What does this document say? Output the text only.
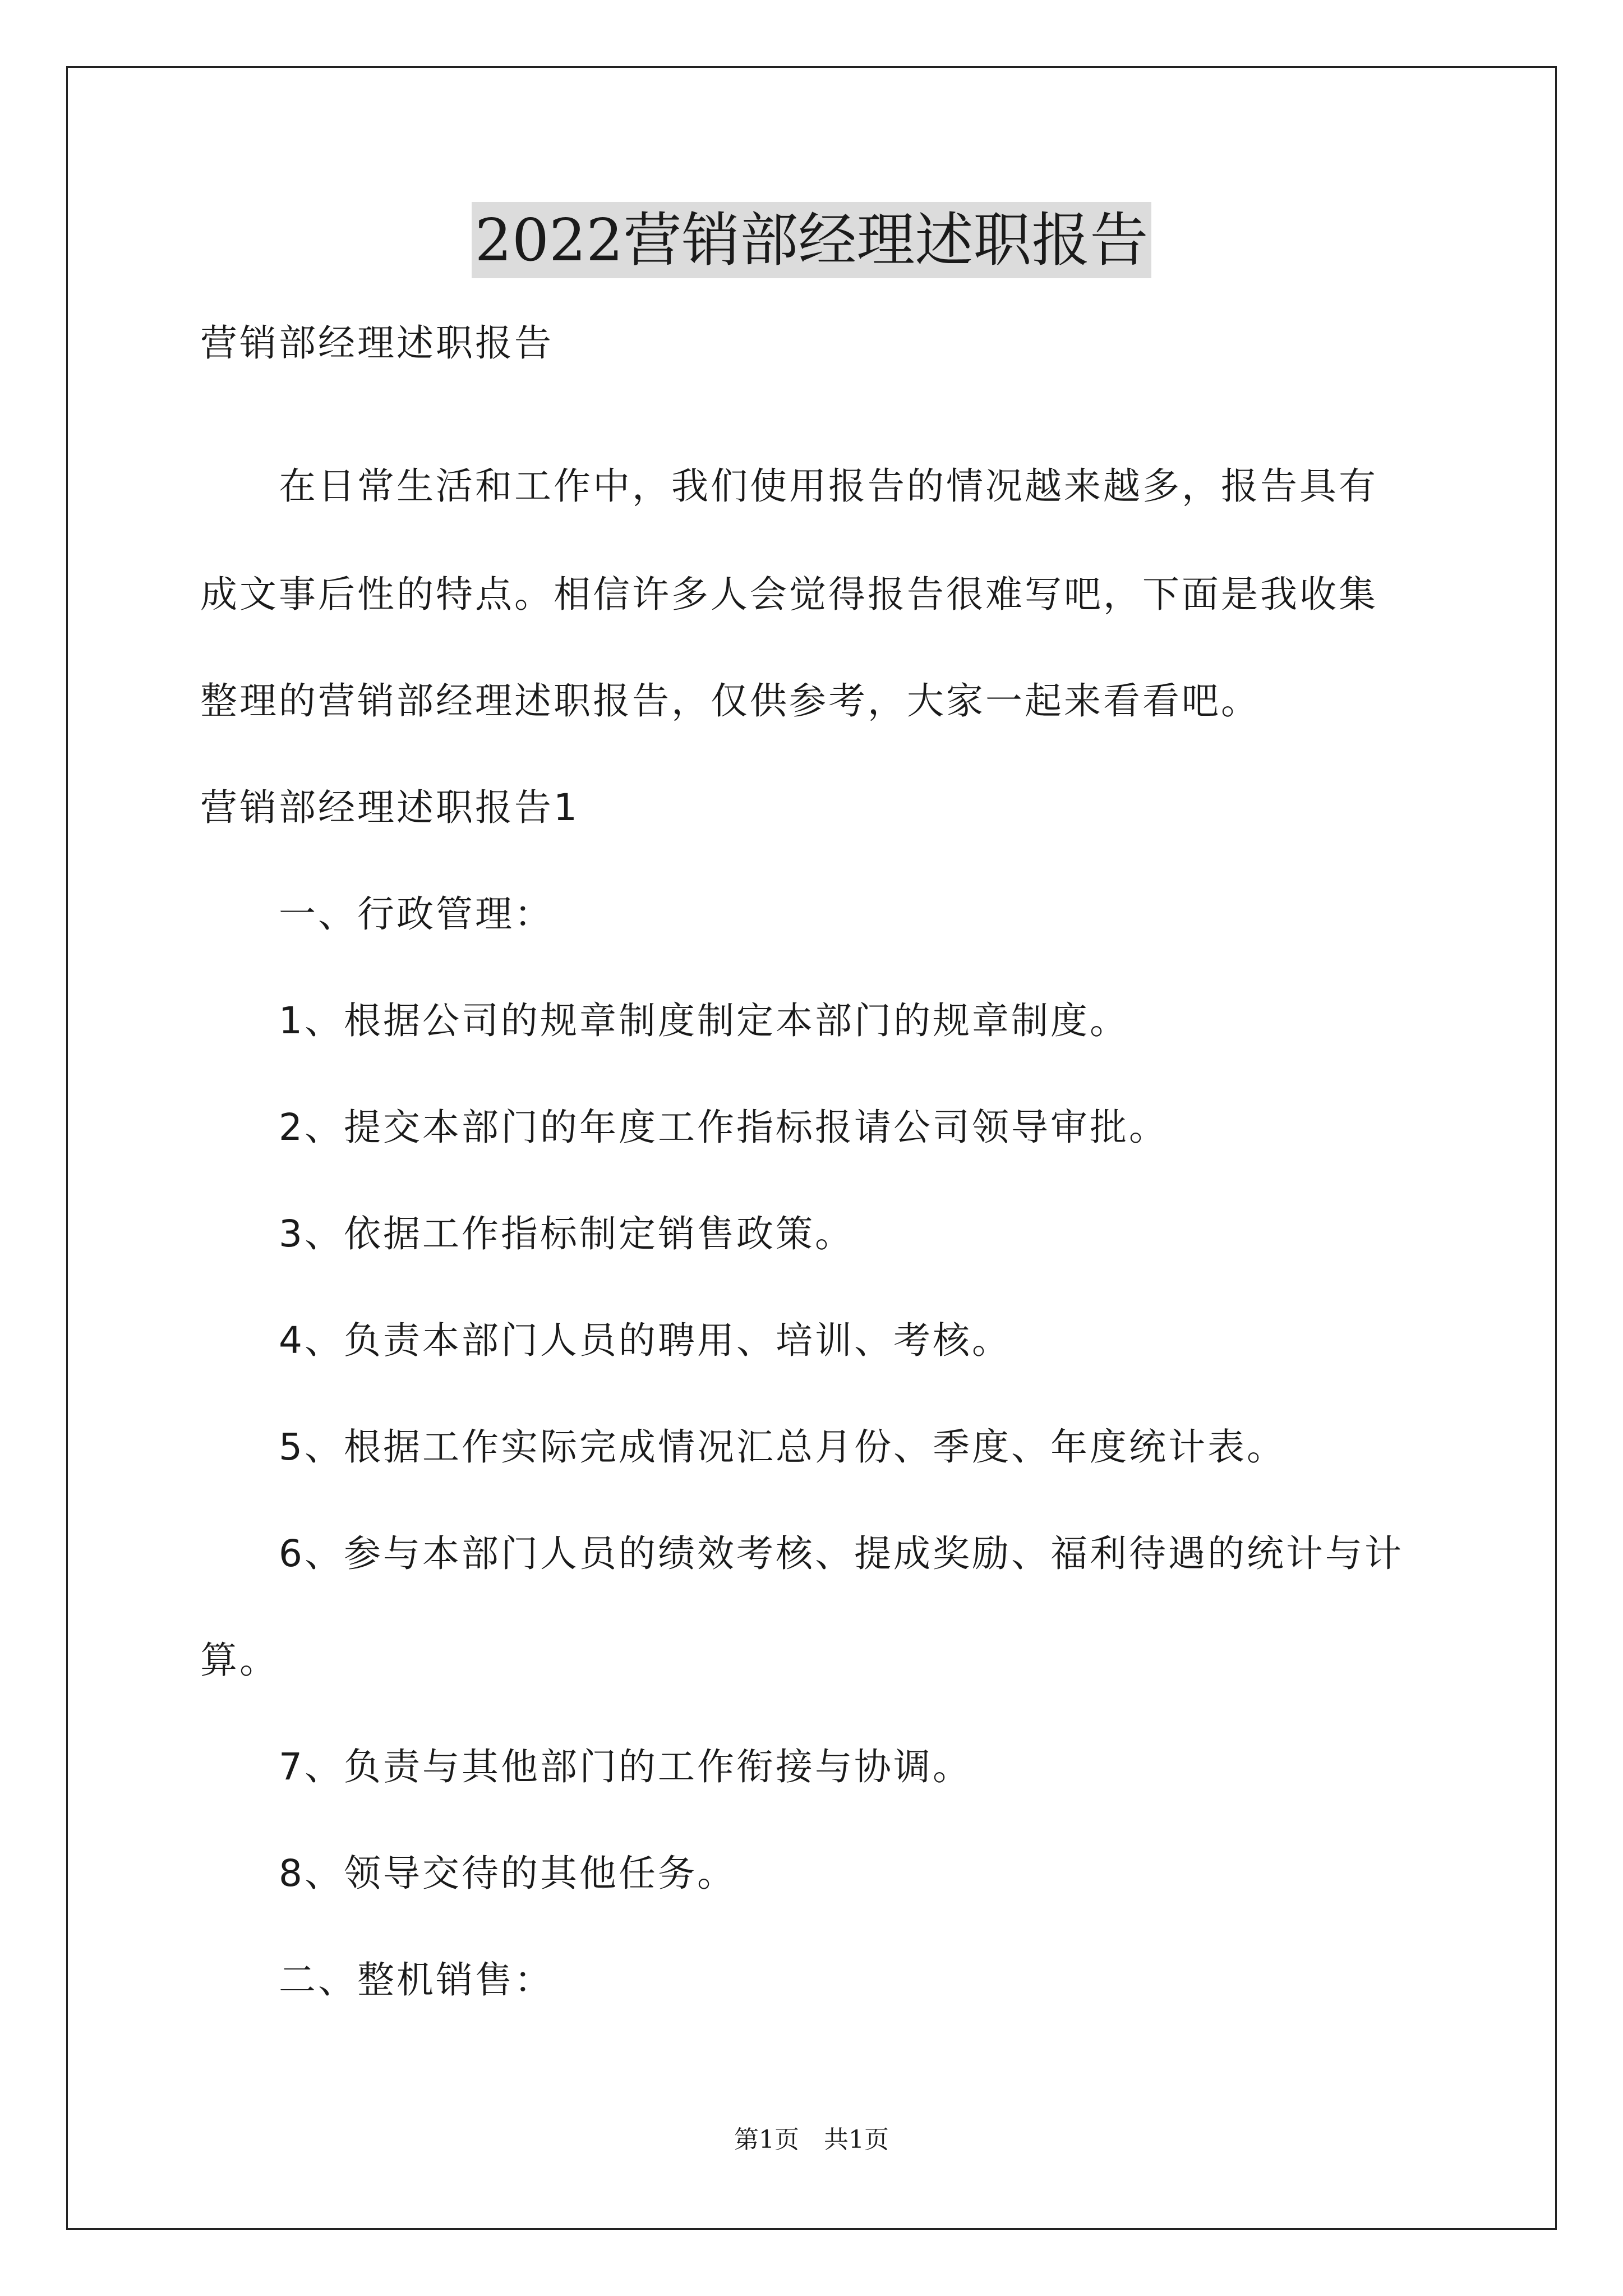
2022营销部经理述职报告
营销部经理述职报告
在日常生活和工作中，我们使用报告的情况越来越多，报告具有
成文事后性的特点。相信许多人会觉得报告很难写吧，下面是我收集
整理的营销部经理述职报告，仅供参考，大家一起来看看吧。
营销部经理述职报告1
一、行政管理：
1、根据公司的规章制度制定本部门的规章制度。
2、提交本部门的年度工作指标报请公司领导审批。
3、依据工作指标制定销售政策。
4、负责本部门人员的聘用、培训、考核。
5、根据工作实际完成情况汇总月份、季度、年度统计表。
6、参与本部门人员的绩效考核、提成奖励、福利待遇的统计与计
算。
7、负责与其他部门的工作衔接与协调。
8、领导交待的其他任务。
二、整机销售：
第1页　共1页
